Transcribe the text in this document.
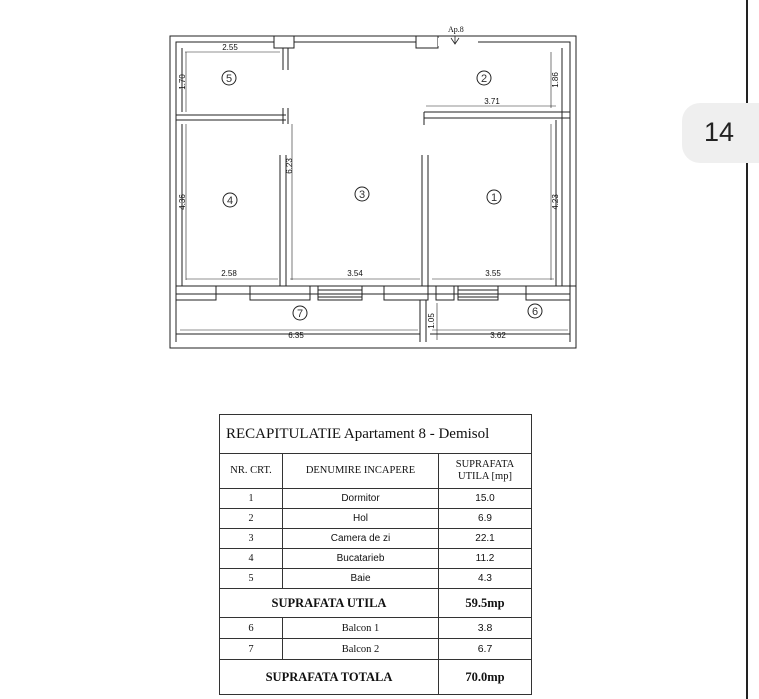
14
5	2
4	3	1
7	6
Ap.8
2.55
1.70	1.86
3.71
6.23
4.36	4.23
2.58	3.54	3.55
6.35	3.62
1.05
RECAPITULATIE Apartament 8 - Demisol		
NR. CRT.	DENUMIRE INCAPERE	SUPRAFATA
UTILA [mp]
1	Dormitor	15.0
2	Hol	6.9
3	Camera de zi	22.1
4	Bucatarieb	11.2
5	Baie	4.3
SUPRAFATA UTILA		59.5mp
6	Balcon 1	3.8
7	Balcon 2	6.7
SUPRAFATA TOTALA		70.0mp
